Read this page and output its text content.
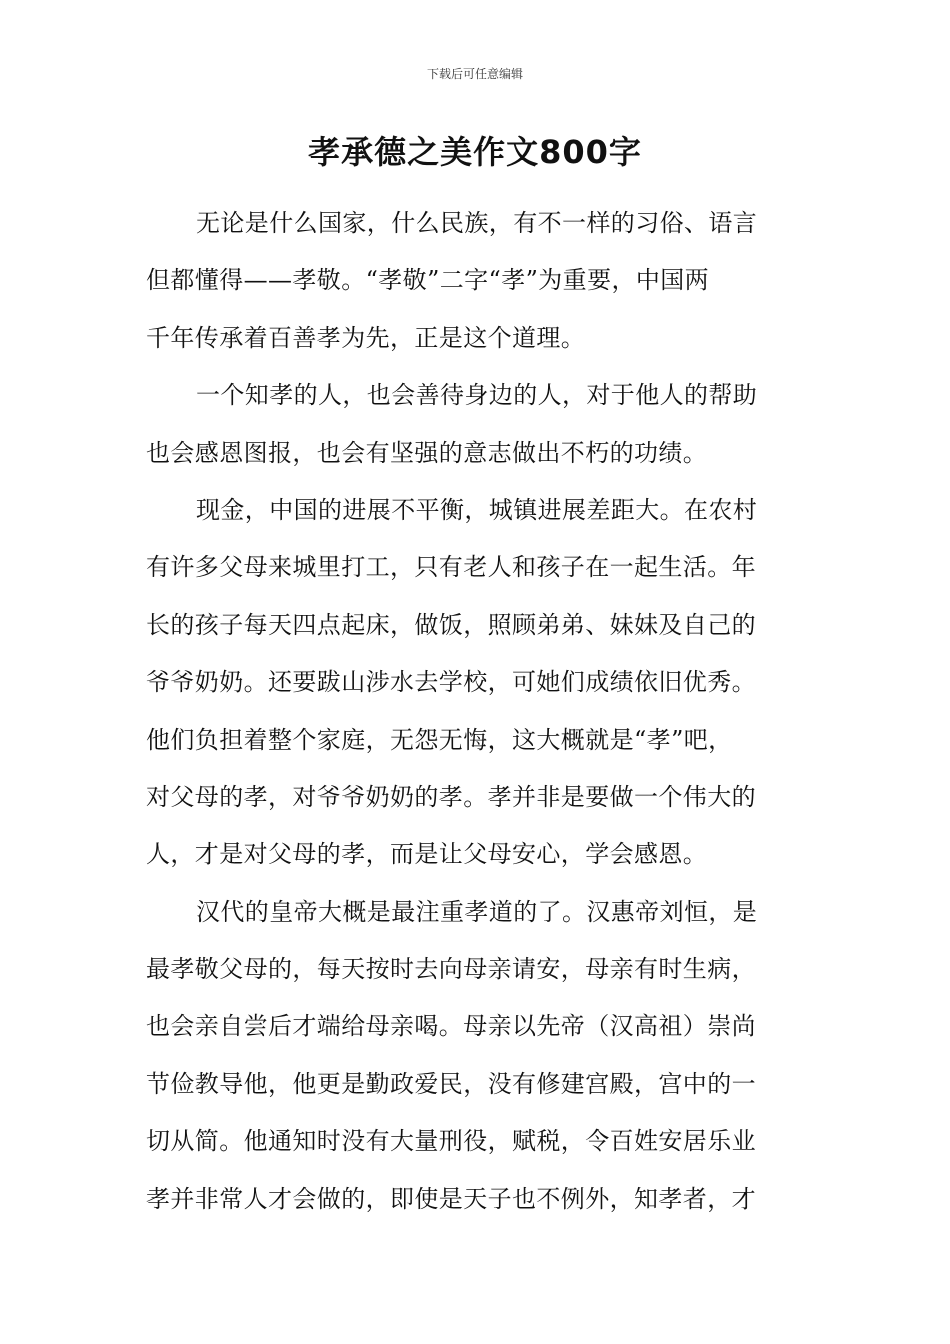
下载后可任意编辑
孝承德之美作文800字
无论是什么国家，什么民族，有不一样的习俗、语言
但都懂得——孝敬。“孝敬”二字“孝”为重要，中国两
千年传承着百善孝为先，正是这个道理。
一个知孝的人，也会善待身边的人，对于他人的帮助
也会感恩图报，也会有坚强的意志做出不朽的功绩。
现金，中国的进展不平衡，城镇进展差距大。在农村
有许多父母来城里打工，只有老人和孩子在一起生活。年
长的孩子每天四点起床，做饭，照顾弟弟、妹妹及自己的
爷爷奶奶。还要跋山涉水去学校，可她们成绩依旧优秀。
他们负担着整个家庭，无怨无悔，这大概就是“孝”吧，
对父母的孝，对爷爷奶奶的孝。孝并非是要做一个伟大的
人，才是对父母的孝，而是让父母安心，学会感恩。
汉代的皇帝大概是最注重孝道的了。汉惠帝刘恒，是
最孝敬父母的，每天按时去向母亲请安，母亲有时生病，
也会亲自尝后才端给母亲喝。母亲以先帝（汉高祖）崇尚
节俭教导他，他更是勤政爱民，没有修建宫殿，宫中的一
切从简。他通知时没有大量刑役，赋税，令百姓安居乐业
孝并非常人才会做的，即使是天子也不例外，知孝者，才
